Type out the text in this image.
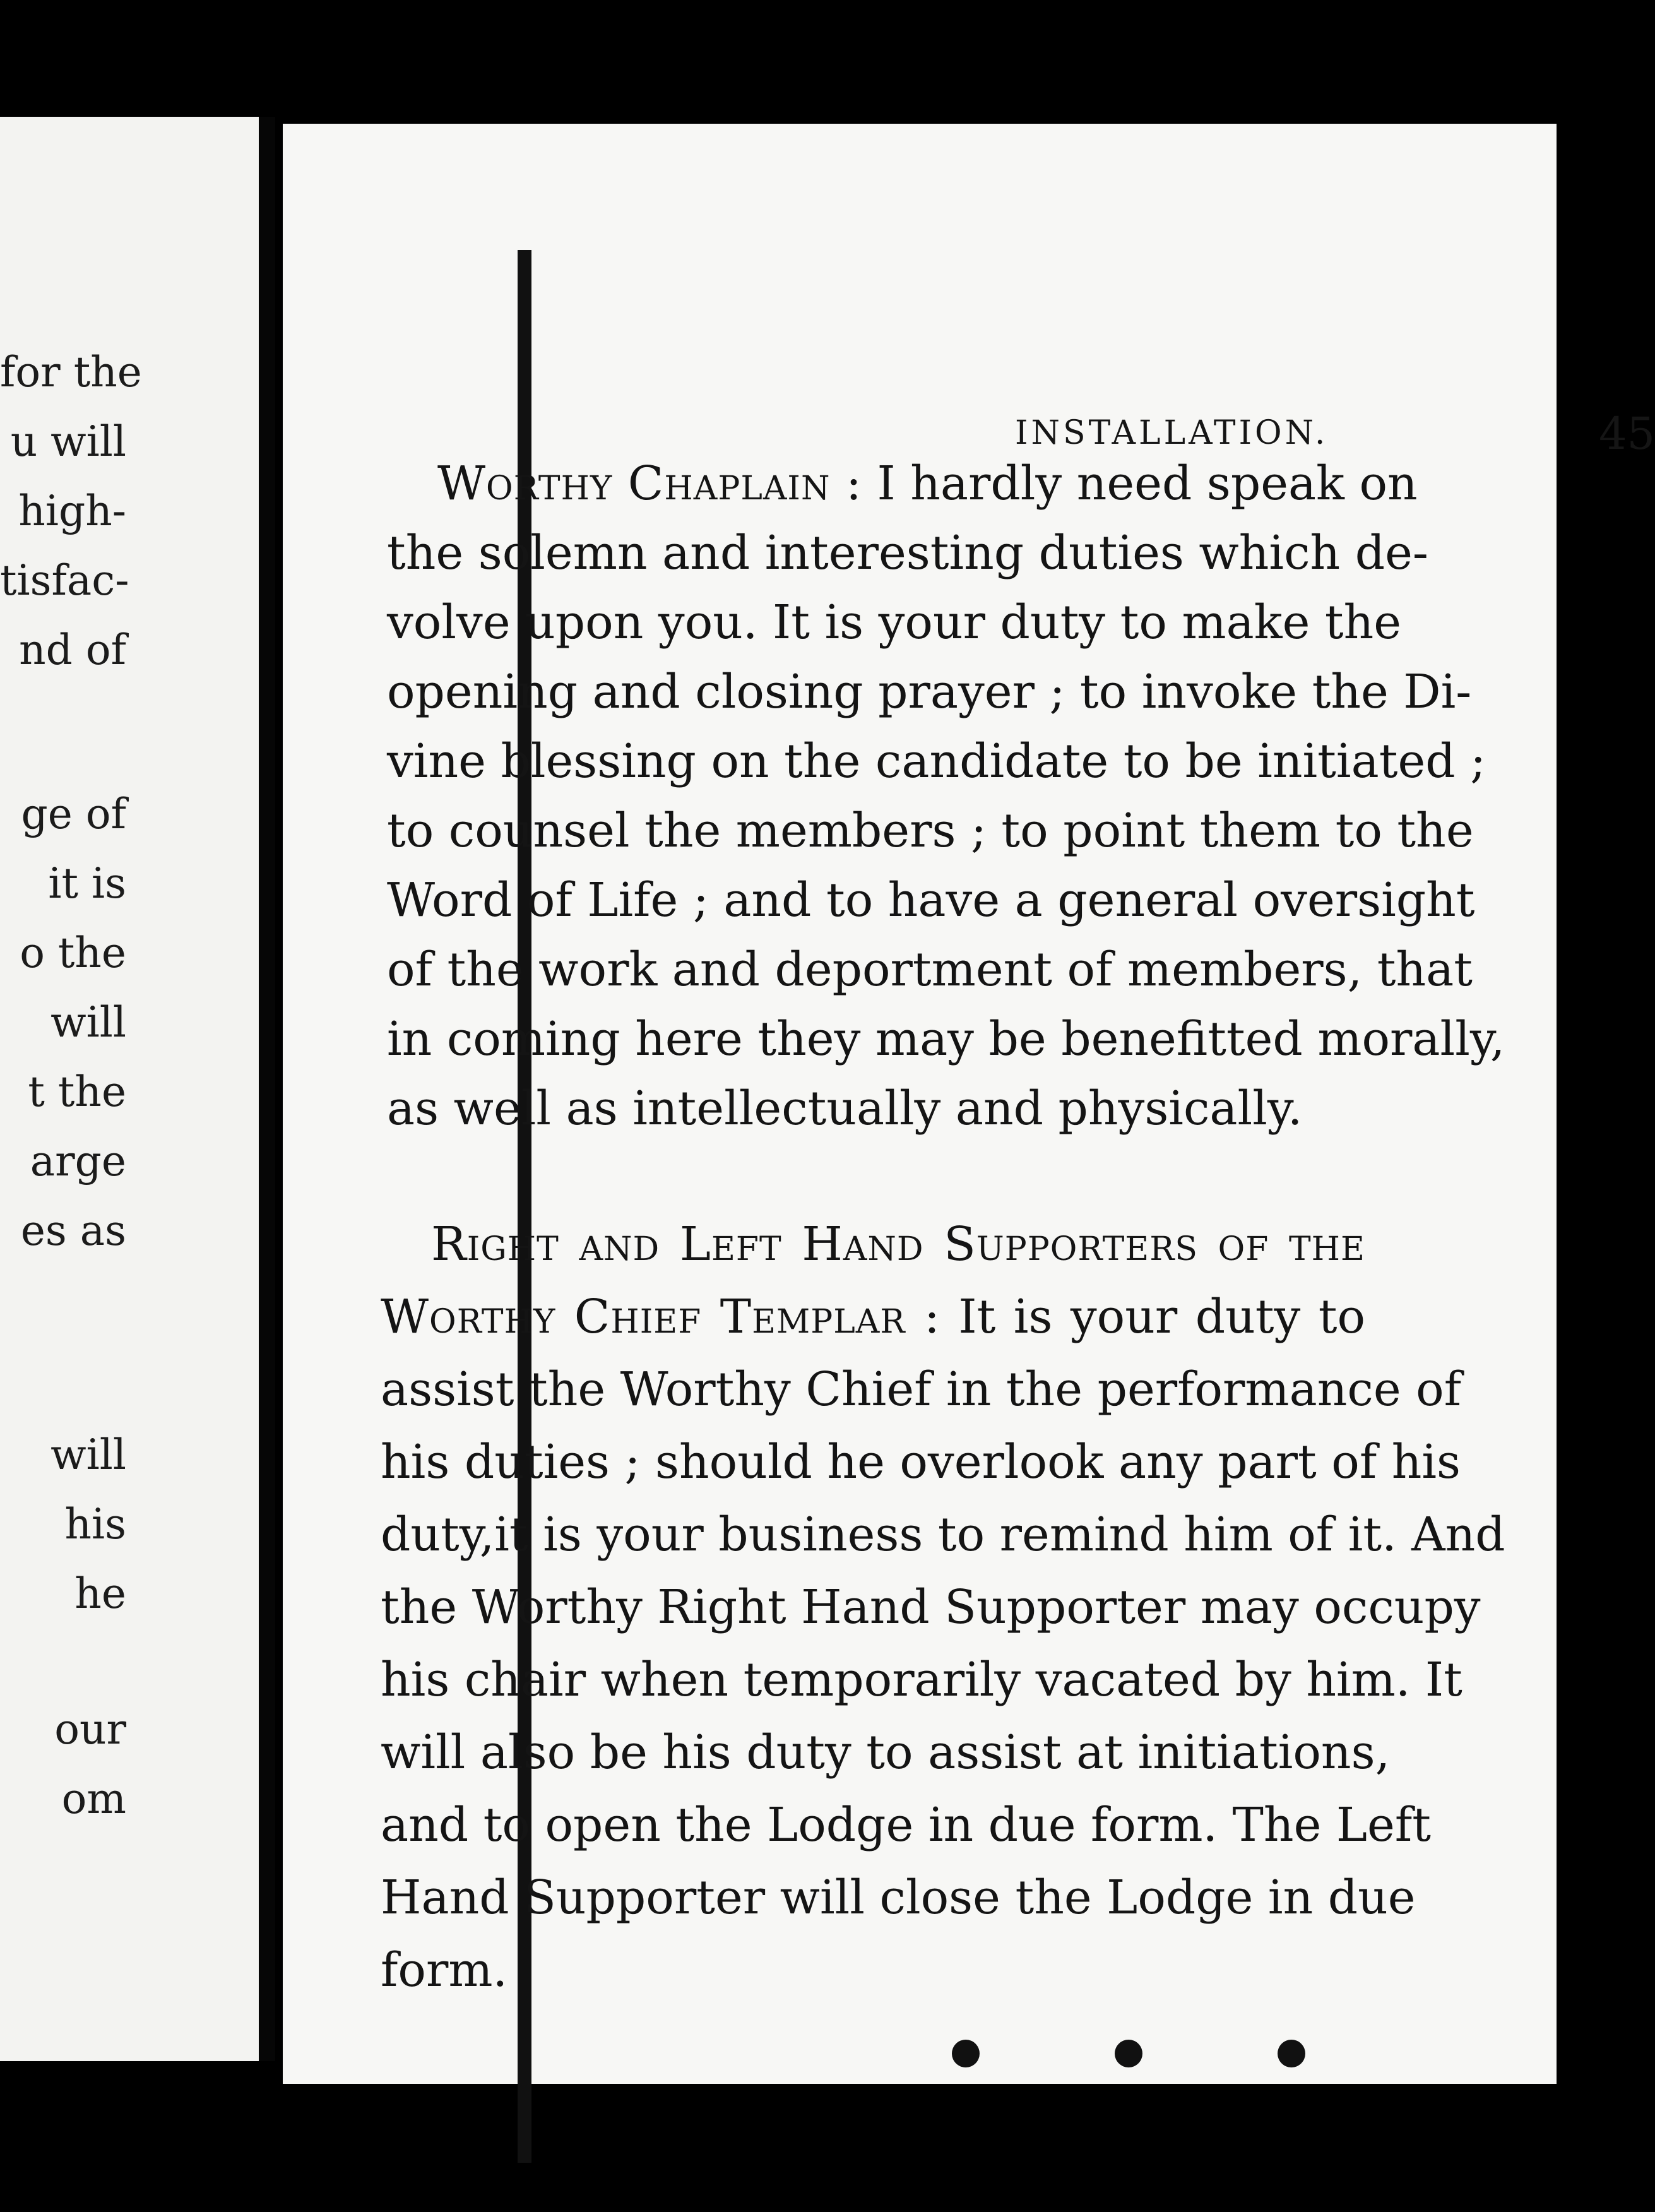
for the
u will
high-
tisfac-
nd of
ge of
it is
o the
will
t the
arge
es as
will
his
he
our
om
INSTALLATION.	45
Worthy Chaplain : I hardly need speak on
the solemn and interesting duties which de-
volve upon you. It is your duty to make the
opening and closing prayer ; to invoke the Di-
vine blessing on the candidate to be initiated ;
to counsel the members ; to point them to the
Word of Life ; and to have a general oversight
of the work and deportment of members, that
in coming here they may be benefitted morally,
as well as intellectually and physically.
Right and Left Hand Supporters of the
Worthy Chief Templar : It is your duty to
assist the Worthy Chief in the performance of
his duties ; should he overlook any part of his
duty,it is your business to remind him of it. And
the Worthy Right Hand Supporter may occupy
his chair when temporarily vacated by him. It
will also be his duty to assist at initiations,
and to open the Lodge in due form. The Left
Hand Supporter will close the Lodge in due
form.
